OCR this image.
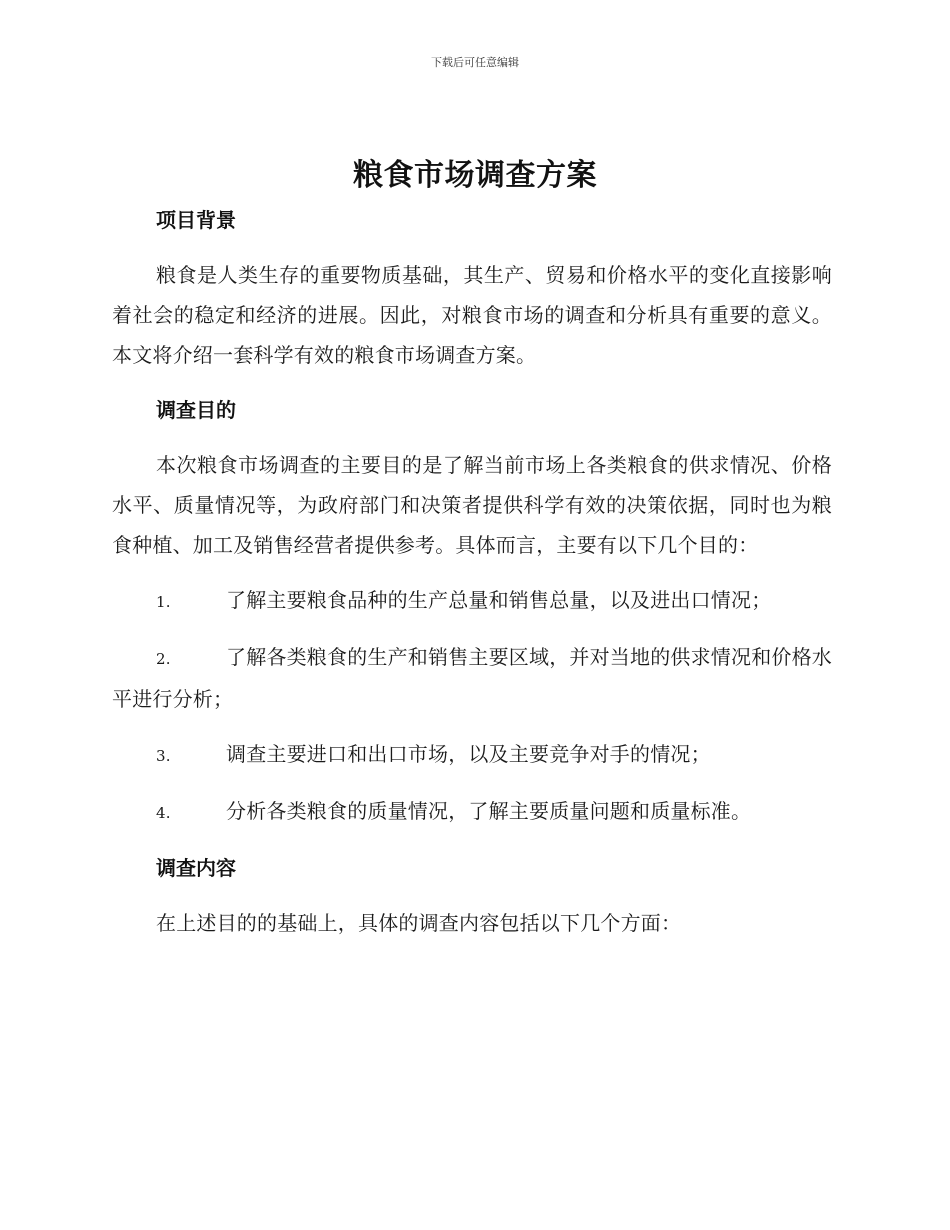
下载后可任意编辑
粮食市场调查方案

项目背景

粮食是人类生存的重要物质基础，其生产、贸易和价格水平的变化直接影响着社会的稳定和经济的进展。因此，对粮食市场的调查和分析具有重要的意义。本文将介绍一套科学有效的粮食市场调查方案。

调查目的

本次粮食市场调查的主要目的是了解当前市场上各类粮食的供求情况、价格水平、质量情况等，为政府部门和决策者提供科学有效的决策依据，同时也为粮食种植、加工及销售经营者提供参考。具体而言，主要有以下几个目的：

1.	了解主要粮食品种的生产总量和销售总量，以及进出口情况；

2.	了解各类粮食的生产和销售主要区域，并对当地的供求情况和价格水平进行分析；

3.	调查主要进口和出口市场，以及主要竞争对手的情况；

4.	分析各类粮食的质量情况，了解主要质量问题和质量标准。

调查内容

在上述目的的基础上，具体的调查内容包括以下几个方面：
